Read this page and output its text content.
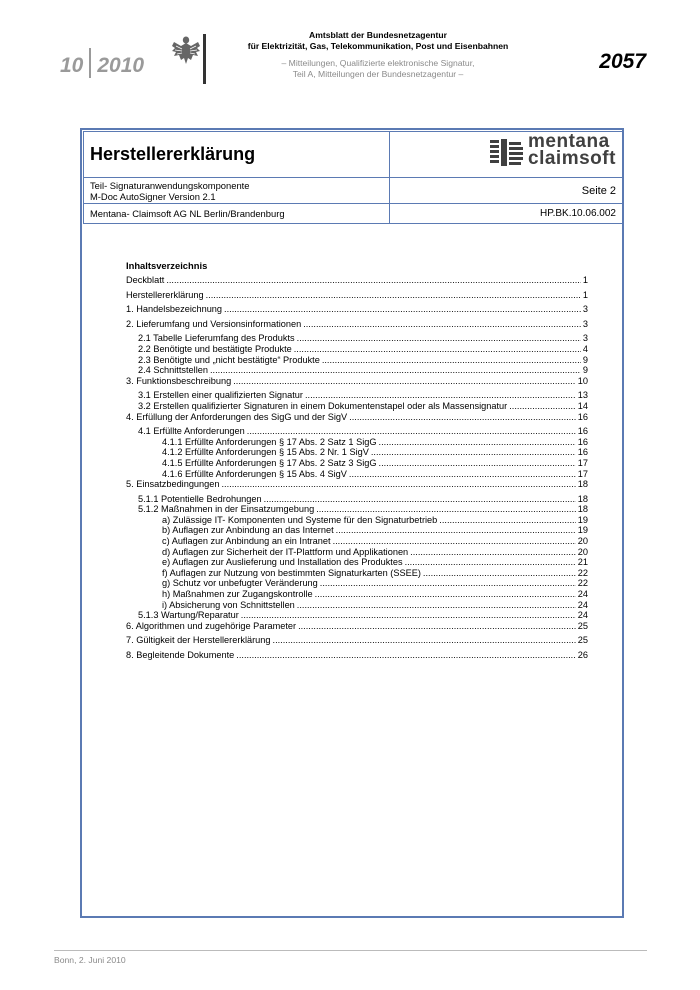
10 2010
Amtsblatt der Bundesnetzagentur
für Elektrizität, Gas, Telekommunikation, Post und Eisenbahnen
– Mitteilungen, Qualifizierte elektronische Signatur,
Teil A, Mitteilungen der Bundesnetzagentur –
2057
Herstellererklärung	

Teil- Signaturanwendungskomponente
M-Doc AutoSigner Version 2.1	Seite 2
Mentana- Claimsoft AG NL Berlin/Brandenburg	HP.BK.10.06.002
mentana
claimsoft
Inhaltsverzeichnis
Deckblatt .....	1
Herstellererklärung .....	1
1. Handelsbezeichnung .....	3
2. Lieferumfang und Versionsinformationen .....	3
2.1 Tabelle Lieferumfang des Produkts .....	3
2.2 Benötigte und bestätigte Produkte .....	4
2.3 Benötigte und „nicht bestätigte“ Produkte .....	9
2.4 Schnittstellen .....	9
3. Funktionsbeschreibung .....	10
3.1 Erstellen einer qualifizierten Signatur .....	13
3.2 Erstellen qualifizierter Signaturen in einem Dokumentenstapel oder als Massensignatur .....	14
4. Erfüllung der Anforderungen des SigG und der SigV .....	16
4.1 Erfüllte Anforderungen .....	16
4.1.1 Erfüllte Anforderungen § 17 Abs. 2 Satz 1 SigG .....	16
4.1.2 Erfüllte Anforderungen § 15 Abs. 2 Nr. 1 SigV .....	16
4.1.5 Erfüllte Anforderungen § 17 Abs. 2 Satz 3 SigG .....	17
4.1.6 Erfüllte Anforderungen § 15 Abs. 4 SigV .....	17
5. Einsatzbedingungen .....	18
5.1.1 Potentielle Bedrohungen .....	18
5.1.2 Maßnahmen in der Einsatzumgebung .....	18
a) Zulässige IT- Komponenten und Systeme für den Signaturbetrieb .....	19
b) Auflagen zur Anbindung an das Internet .....	19
c) Auflagen zur Anbindung an ein Intranet .....	20
d) Auflagen zur Sicherheit der IT-Plattform und Applikationen .....	20
e) Auflagen zur Auslieferung und Installation des Produktes .....	21
f) Auflagen zur Nutzung von bestimmten Signaturkarten (SSEE) .....	22
g) Schutz vor unbefugter Veränderung .....	22
h) Maßnahmen zur Zugangskontrolle .....	24
i) Absicherung von Schnittstellen .....	24
5.1.3 Wartung/Reparatur .....	24
6. Algorithmen und zugehörige Parameter .....	25
7. Gültigkeit der Herstellererklärung .....	25
8. Begleitende Dokumente .....	26
Bonn, 2. Juni 2010
